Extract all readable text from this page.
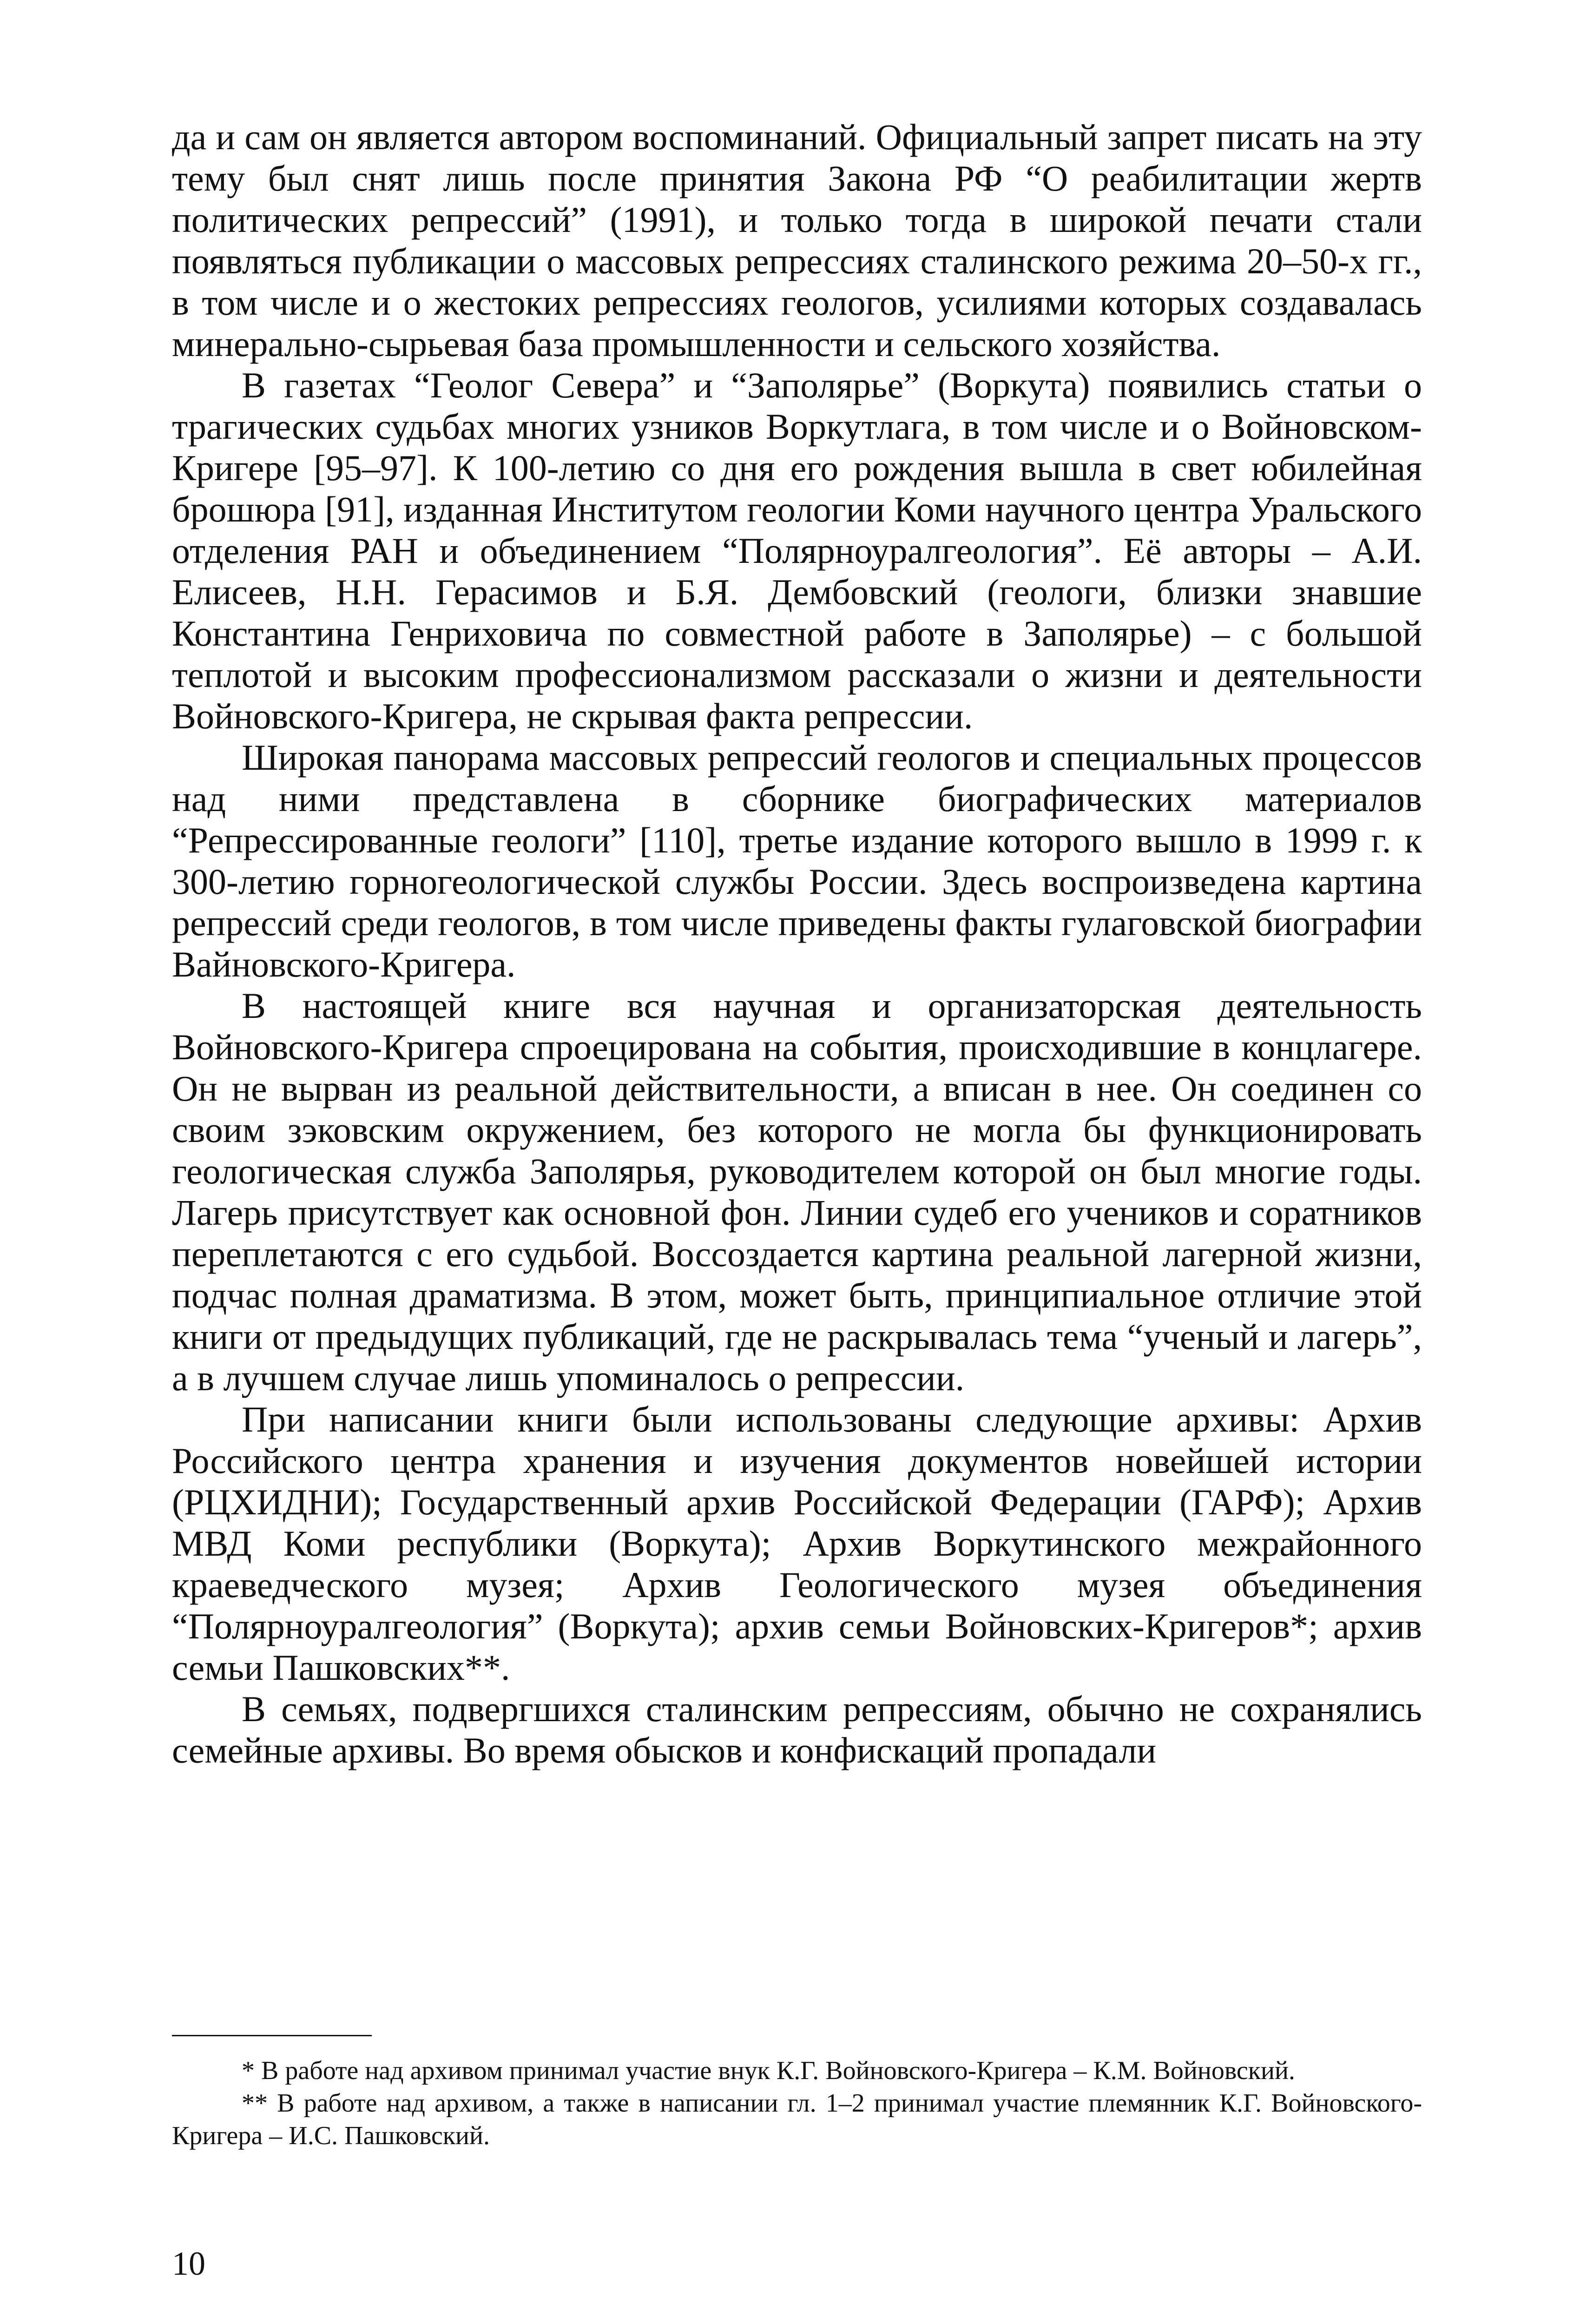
да и сам он является автором воспоминаний. Официальный запрет писать на эту тему был снят лишь после принятия Закона РФ “О реабилитации жертв политических репрессий” (1991), и только тогда в широкой печати стали появляться публикации о массовых репрессиях сталинского режима 20–50-х гг., в том числе и о жестоких репрессиях геологов, усилиями которых создавалась минерально-сырьевая база промышленности и сельского хозяйства.

В газетах “Геолог Севера” и “Заполярье” (Воркута) появились статьи о трагических судьбах многих узников Воркутлага, в том числе и о Войновском-Кригере [95–97]. К 100-летию со дня его рождения вышла в свет юбилейная брошюра [91], изданная Институтом геологии Коми научного центра Уральского отделения РАН и объединением “Полярноуралгеология”. Её авторы – А.И. Елисеев, Н.Н. Герасимов и Б.Я. Дембовский (геологи, близки знавшие Константина Генриховича по совместной работе в Заполярье) – с большой теплотой и высоким профессионализмом рассказали о жизни и деятельности Войновского-Кригера, не скрывая факта репрессии.

Широкая панорама массовых репрессий геологов и специальных процессов над ними представлена в сборнике биографических материалов “Репрессированные геологи” [110], третье издание которого вышло в 1999 г. к 300-летию горногеологической службы России. Здесь воспроизведена картина репрессий среди геологов, в том числе приведены факты гулаговской биографии Вайновского-Кригера.

В настоящей книге вся научная и организаторская деятельность Войновского-Кригера спроецирована на события, происходившие в концлагере. Он не вырван из реальной действительности, а вписан в нее. Он соединен со своим зэковским окружением, без которого не могла бы функционировать геологическая служба Заполярья, руководителем которой он был многие годы. Лагерь присутствует как основной фон. Линии судеб его учеников и соратников переплетаются с его судьбой. Воссоздается картина реальной лагерной жизни, подчас полная драматизма. В этом, может быть, принципиальное отличие этой книги от предыдущих публикаций, где не раскрывалась тема “ученый и лагерь”, а в лучшем случае лишь упоминалось о репрессии.

При написании книги были использованы следующие архивы: Архив Российского центра хранения и изучения документов новейшей истории (РЦХИДНИ); Государственный архив Российской Федерации (ГАРФ); Архив МВД Коми республики (Воркута); Архив Воркутинского межрайонного краеведческого музея; Архив Геологического музея объединения “Полярноуралгеология” (Воркута); архив семьи Войновских-Кригеров*; архив семьи Пашковских**.

В семьях, подвергшихся сталинским репрессиям, обычно не сохранялись семейные архивы. Во время обысков и конфискаций пропадали

* В работе над архивом принимал участие внук К.Г. Войновского-Кригера – К.М. Войновский.

** В работе над архивом, а также в написании гл. 1–2 принимал участие племянник К.Г. Войновского-Кригера – И.С. Пашковский.

10
